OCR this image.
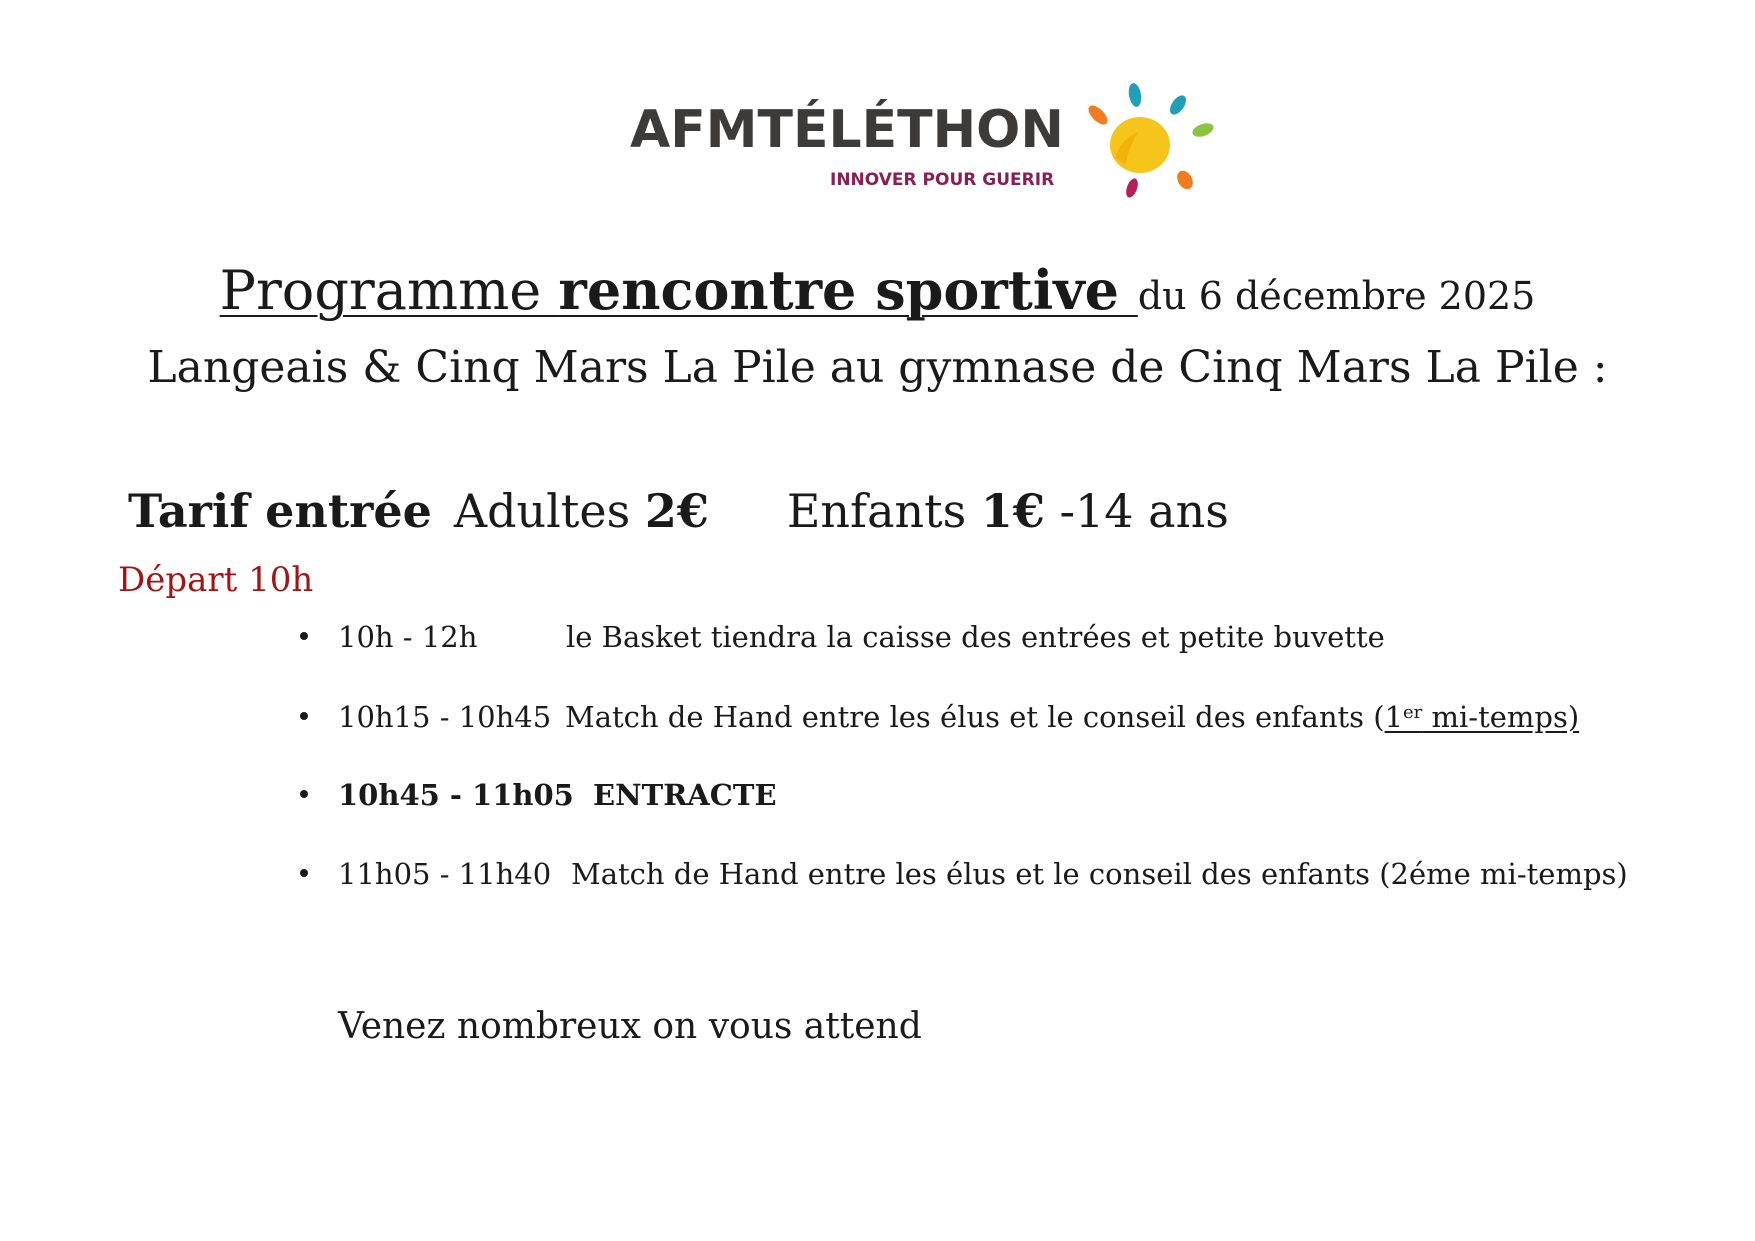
AFMTÉLÉTHON
INNOVER POUR GUERIR
Programme rencontre sportive du 6 décembre 2025
Langeais & Cinq Mars La Pile au gymnase de Cinq Mars La Pile :
Tarif entrée Adultes 2€ Enfants 1€ -14 ans
Départ 10h
10h - 12h	le Basket tiendra la caisse des entrées et petite buvette
10h15 - 10h45 Match de Hand entre les élus et le conseil des enfants (1er mi-temps)
10h45 - 11h05 ENTRACTE
11h05 - 11h40 Match de Hand entre les élus et le conseil des enfants (2éme mi-temps)
Venez nombreux on vous attend
